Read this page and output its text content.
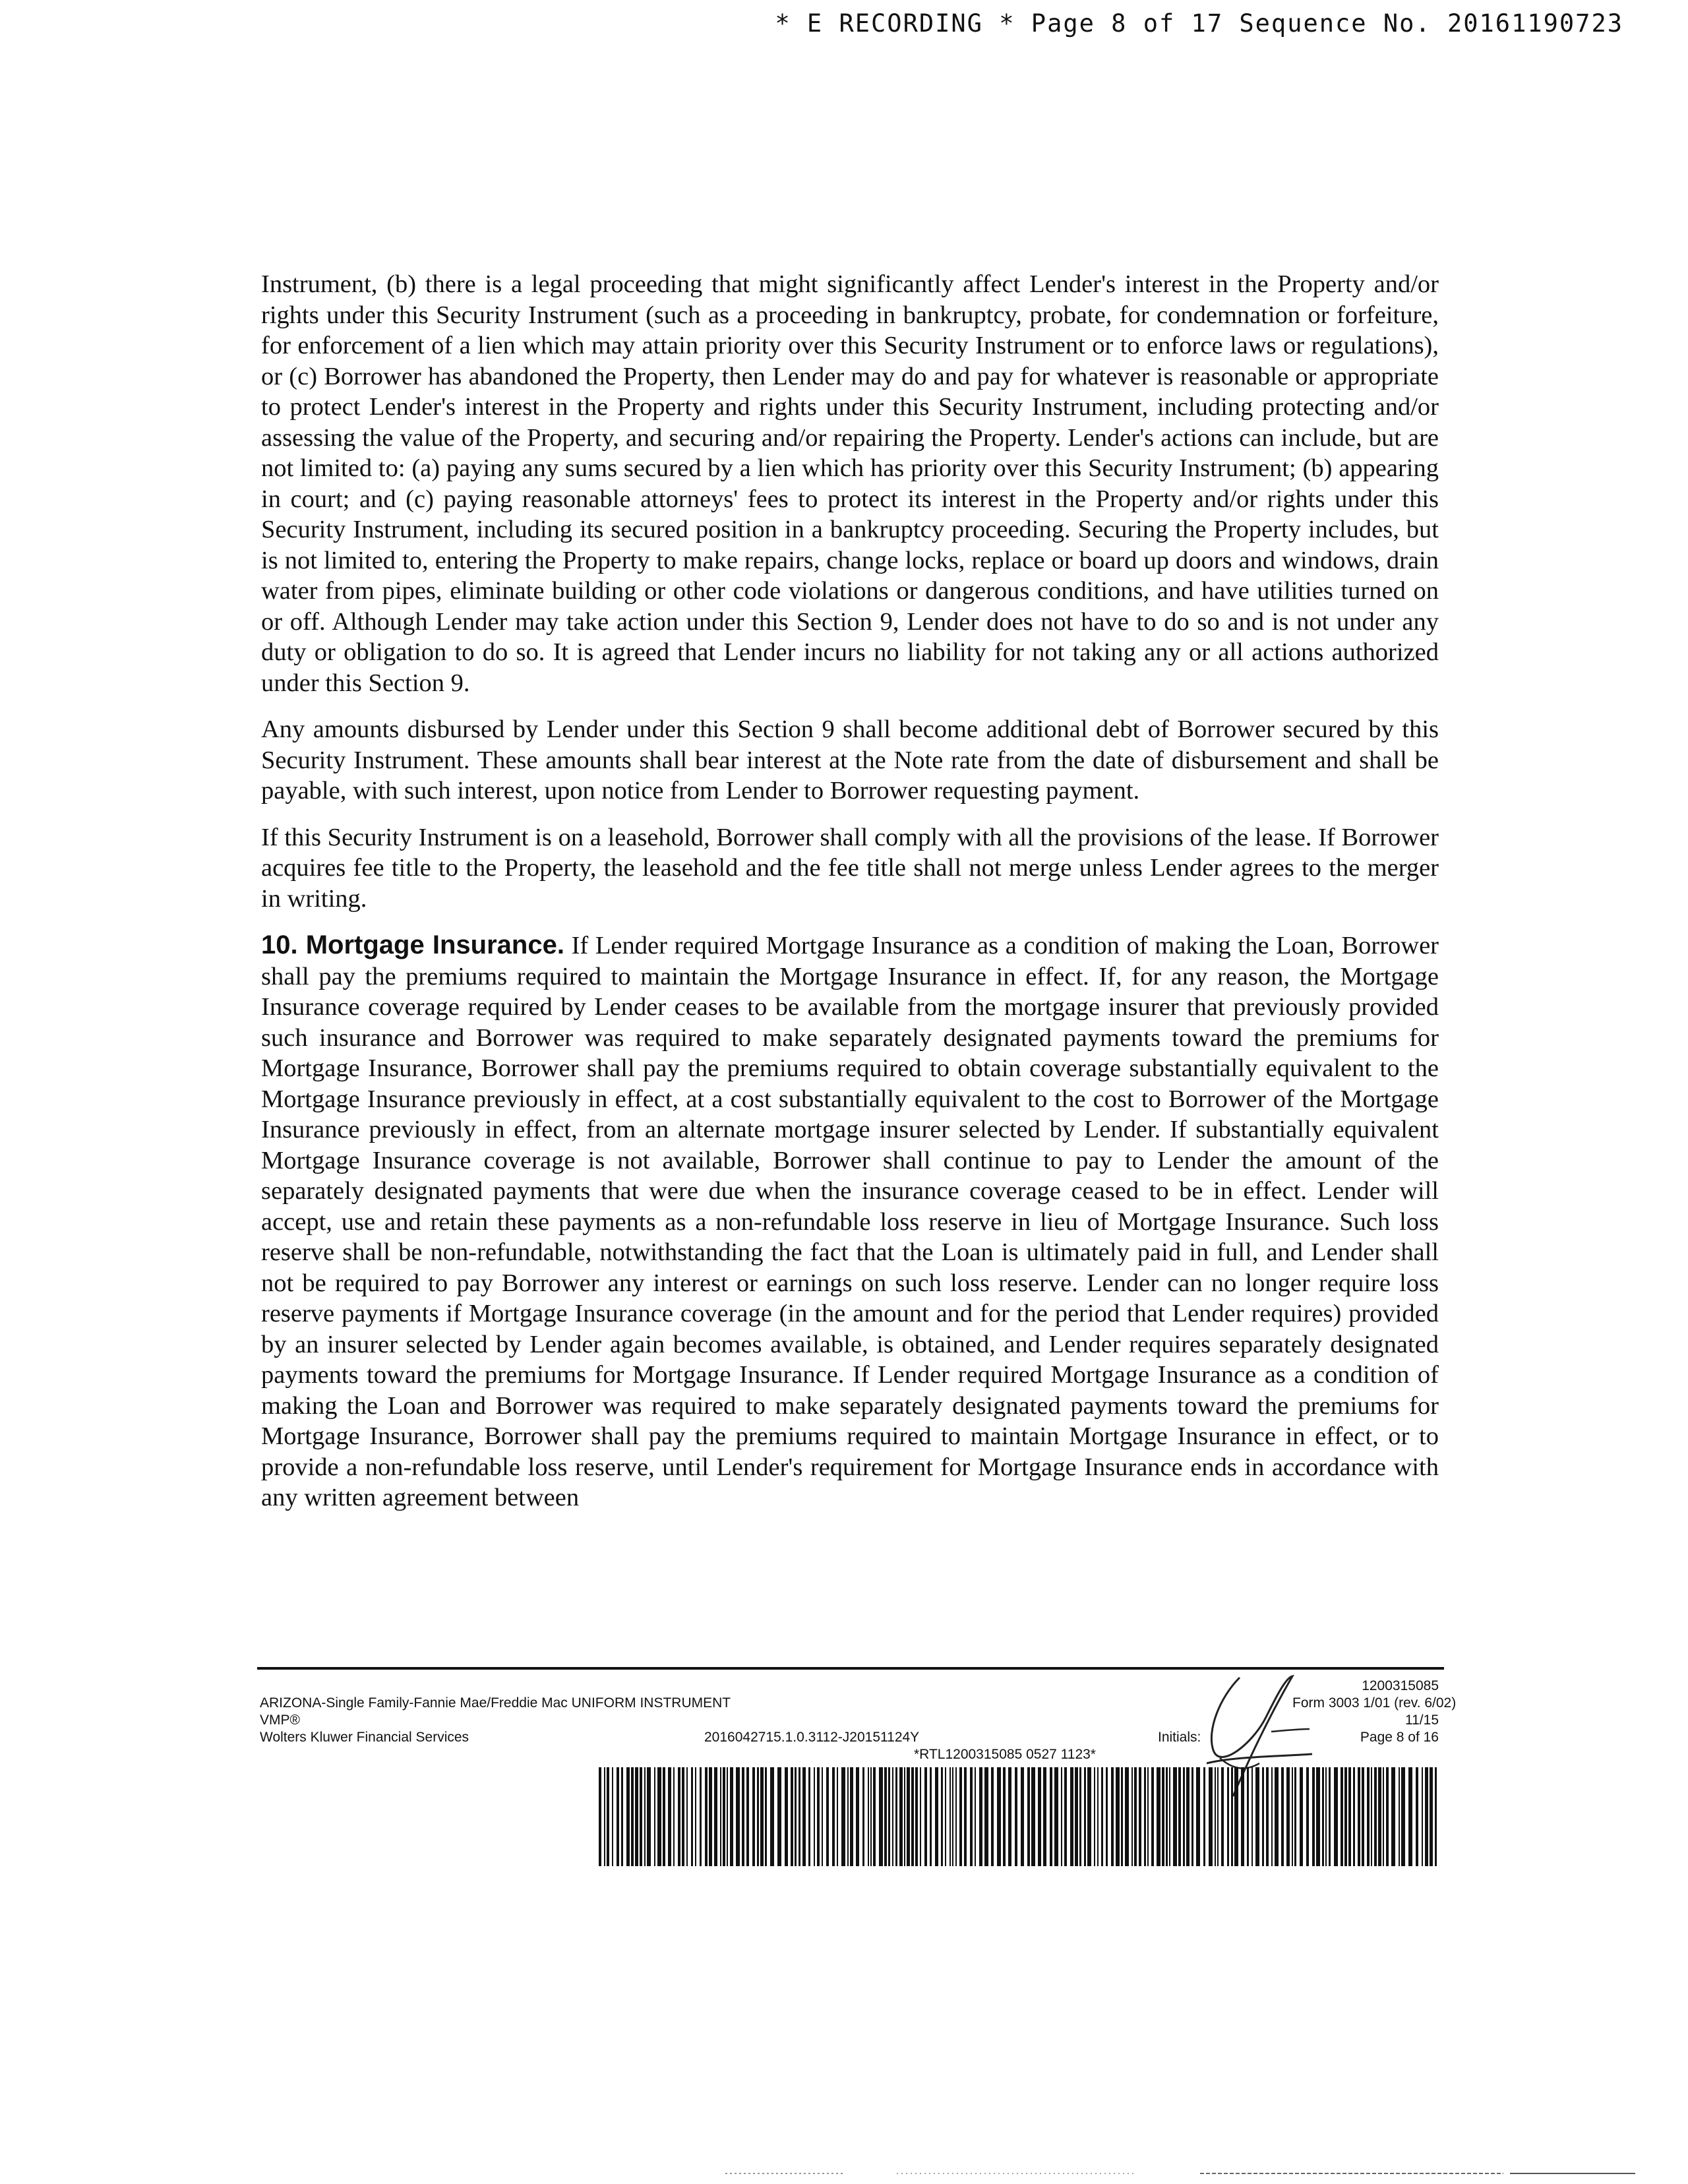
* E RECORDING * Page 8 of 17 Sequence No. 20161190723

Instrument, (b) there is a legal proceeding that might significantly affect Lender's interest in the Property and/or rights under this Security Instrument (such as a proceeding in bankruptcy, probate, for condemnation or forfeiture, for enforcement of a lien which may attain priority over this Security Instrument or to enforce laws or regulations), or (c) Borrower has abandoned the Property, then Lender may do and pay for whatever is reasonable or appropriate to protect Lender's interest in the Property and rights under this Security Instrument, including protecting and/or assessing the value of the Property, and securing and/or repairing the Property. Lender's actions can include, but are not limited to: (a) paying any sums secured by a lien which has priority over this Security Instrument; (b) appearing in court; and (c) paying reasonable attorneys' fees to protect its interest in the Property and/or rights under this Security Instrument, including its secured position in a bankruptcy proceeding. Securing the Property includes, but is not limited to, entering the Property to make repairs, change locks, replace or board up doors and windows, drain water from pipes, eliminate building or other code violations or dangerous conditions, and have utilities turned on or off. Although Lender may take action under this Section 9, Lender does not have to do so and is not under any duty or obligation to do so. It is agreed that Lender incurs no liability for not taking any or all actions authorized under this Section 9.

Any amounts disbursed by Lender under this Section 9 shall become additional debt of Borrower secured by this Security Instrument. These amounts shall bear interest at the Note rate from the date of disbursement and shall be payable, with such interest, upon notice from Lender to Borrower requesting payment.

If this Security Instrument is on a leasehold, Borrower shall comply with all the provisions of the lease. If Borrower acquires fee title to the Property, the leasehold and the fee title shall not merge unless Lender agrees to the merger in writing.

10. Mortgage Insurance. If Lender required Mortgage Insurance as a condition of making the Loan, Borrower shall pay the premiums required to maintain the Mortgage Insurance in effect. If, for any reason, the Mortgage Insurance coverage required by Lender ceases to be available from the mortgage insurer that previously provided such insurance and Borrower was required to make separately designated payments toward the premiums for Mortgage Insurance, Borrower shall pay the premiums required to obtain coverage substantially equivalent to the Mortgage Insurance previously in effect, at a cost substantially equivalent to the cost to Borrower of the Mortgage Insurance previously in effect, from an alternate mortgage insurer selected by Lender. If substantially equivalent Mortgage Insurance coverage is not available, Borrower shall continue to pay to Lender the amount of the separately designated payments that were due when the insurance coverage ceased to be in effect. Lender will accept, use and retain these payments as a non-refundable loss reserve in lieu of Mortgage Insurance. Such loss reserve shall be non-refundable, notwithstanding the fact that the Loan is ultimately paid in full, and Lender shall not be required to pay Borrower any interest or earnings on such loss reserve. Lender can no longer require loss reserve payments if Mortgage Insurance coverage (in the amount and for the period that Lender requires) provided by an insurer selected by Lender again becomes available, is obtained, and Lender requires separately designated payments toward the premiums for Mortgage Insurance. If Lender required Mortgage Insurance as a condition of making the Loan and Borrower was required to make separately designated payments toward the premiums for Mortgage Insurance, Borrower shall pay the premiums required to maintain Mortgage Insurance in effect, or to provide a non-refundable loss reserve, until Lender's requirement for Mortgage Insurance ends in accordance with any written agreement between

ARIZONA-Single Family-Fannie Mae/Freddie Mac UNIFORM INSTRUMENT
VMP®
Wolters Kluwer Financial Services	2016042715.1.0.3112-J20151124Y	Initials:
1200315085
Form 3003 1/01 (rev. 6/02)
11/15
Page 8 of 16
*RTL1200315085 0527 1123*
